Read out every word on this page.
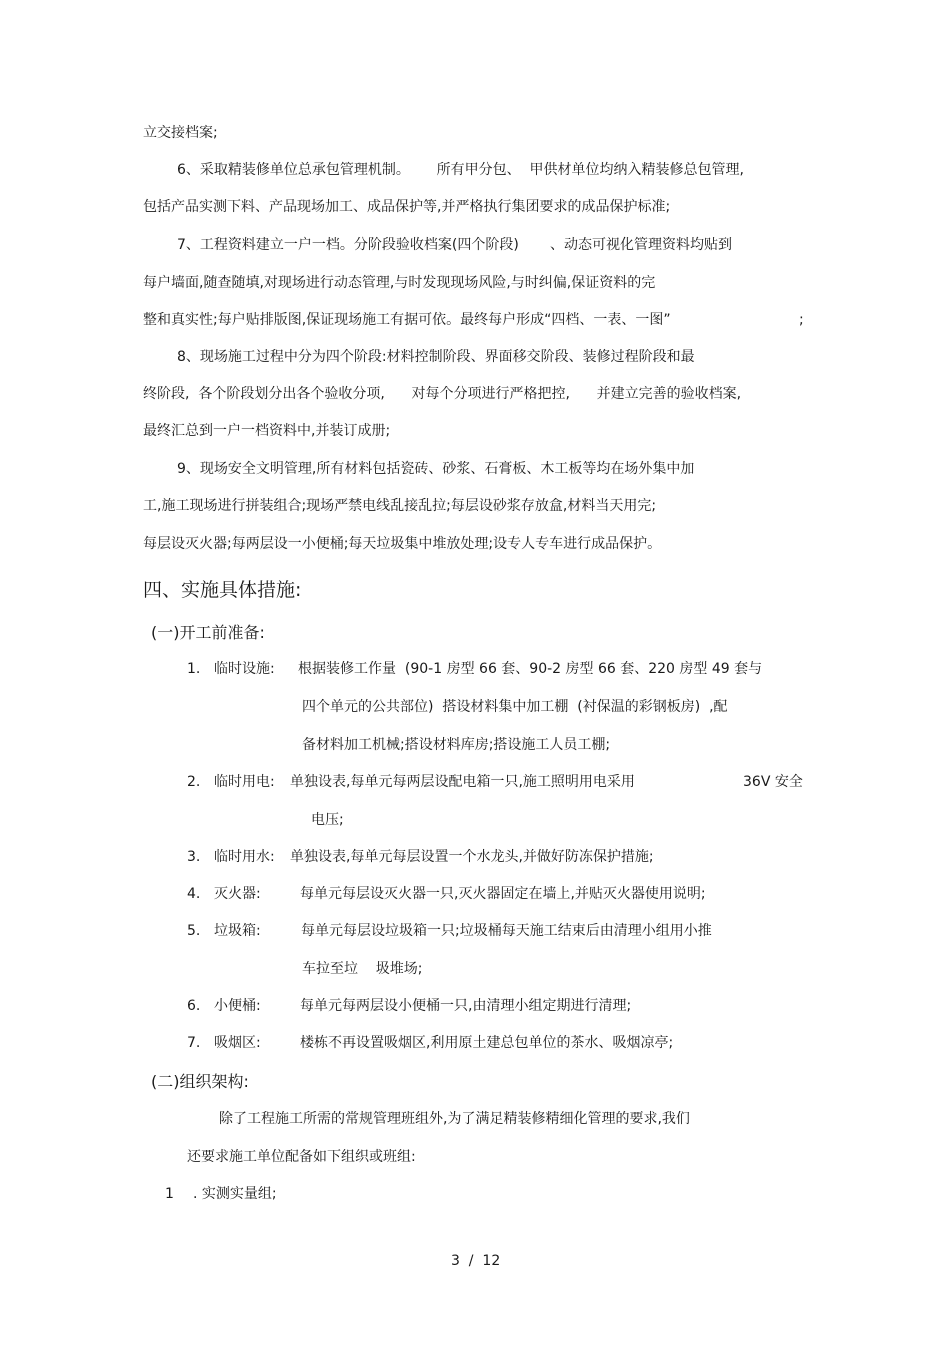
立交接档案;
6、采取精装修单位总承包管理机制。      所有甲分包、  甲供材单位均纳入精装修总包管理,
包括产品实测下料、产品现场加工、成品保护等,并严格执行集团要求的成品保护标准;
7、工程资料建立一户一档。分阶段验收档案(四个阶段)       、动态可视化管理资料均贴到
每户墙面,随查随填,对现场进行动态管理,与时发现现场风险,与时纠偏,保证资料的完
整和真实性;每户贴排版图,保证现场施工有据可依。最终每户形成“四档、一表、一图”	;
8、现场施工过程中分为四个阶段:材料控制阶段、界面移交阶段、装修过程阶段和最
终阶段,  各个阶段划分出各个验收分项,      对每个分项进行严格把控,      并建立完善的验收档案,
最终汇总到一户一档资料中,并装订成册;
9、现场安全文明管理,所有材料包括瓷砖、砂浆、石膏板、木工板等均在场外集中加
工,施工现场进行拼装组合;现场严禁电线乱接乱拉;每层设砂浆存放盒,材料当天用完;
每层设灭火器;每两层设一小便桶;每天垃圾集中堆放处理;设专人专车进行成品保护。
四、实施具体措施:
(一)开工前准备:
1. 临时设施: 根据装修工作量  (90-1 房型 66 套、90-2 房型 66 套、220 房型 49 套与
四个单元的公共部位)  搭设材料集中加工棚  (衬保温的彩钢板房)  ,配
备材料加工机械;搭设材料库房;搭设施工人员工棚;
2. 临时用电: 单独设表,每单元每两层设配电箱一只,施工照明用电采用	36V 安全
电压;
3. 临时用水: 单独设表,每单元每层设置一个水龙头,并做好防冻保护措施;
4. 灭火器:	每单元每层设灭火器一只,灭火器固定在墙上,并贴灭火器使用说明;
5. 垃圾箱:	每单元每层设垃圾箱一只;垃圾桶每天施工结束后由清理小组用小推
车拉至垃    圾堆场;
6. 小便桶:	每单元每两层设小便桶一只,由清理小组定期进行清理;
7. 吸烟区:	楼栋不再设置吸烟区,利用原土建总包单位的茶水、吸烟凉亭;
(二)组织架构:
除了工程施工所需的常规管理班组外,为了满足精装修精细化管理的要求,我们
还要求施工单位配备如下组织或班组:
1 . 实测实量组;
3  /  12
